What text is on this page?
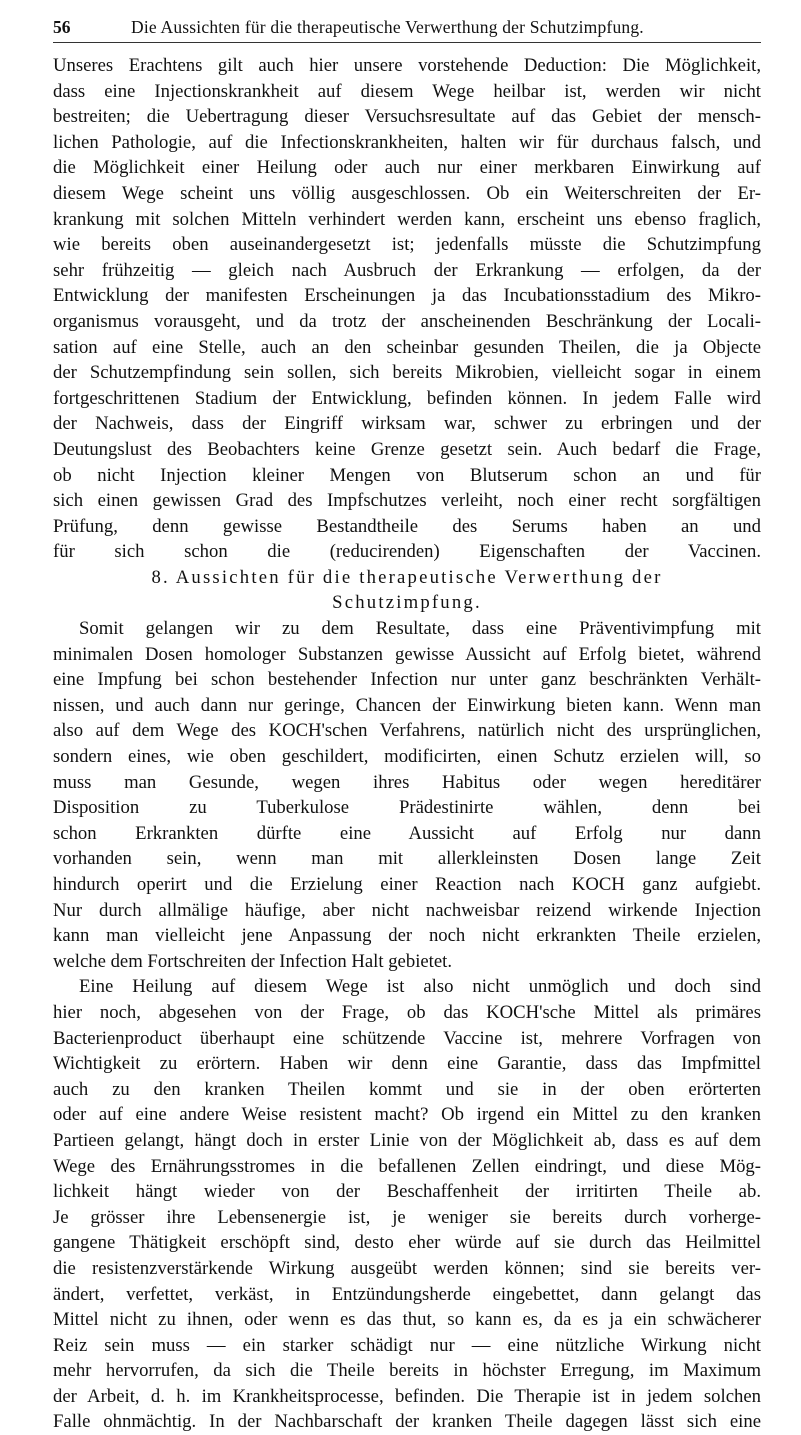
56	Die Aussichten für die therapeutische Verwerthung der Schutzimpfung.
Unseres Erachtens gilt auch hier unsere vorstehende Deduction: Die Möglichkeit,
dass eine Injectionskrankheit auf diesem Wege heilbar ist, werden wir nicht
bestreiten; die Uebertragung dieser Versuchsresultate auf das Gebiet der mensch-
lichen Pathologie, auf die Infectionskrankheiten, halten wir für durchaus falsch, und
die Möglichkeit einer Heilung oder auch nur einer merkbaren Einwirkung auf
diesem Wege scheint uns völlig ausgeschlossen. Ob ein Weiterschreiten der Er-
krankung mit solchen Mitteln verhindert werden kann, erscheint uns ebenso fraglich,
wie bereits oben auseinandergesetzt ist; jedenfalls müsste die Schutzimpfung
sehr frühzeitig — gleich nach Ausbruch der Erkrankung — erfolgen, da der
Entwicklung der manifesten Erscheinungen ja das Incubationsstadium des Mikro-
organismus vorausgeht, und da trotz der anscheinenden Beschränkung der Locali-
sation auf eine Stelle, auch an den scheinbar gesunden Theilen, die ja Objecte
der Schutzempfindung sein sollen, sich bereits Mikrobien, vielleicht sogar in einem
fortgeschrittenen Stadium der Entwicklung, befinden können. In jedem Falle wird
der Nachweis, dass der Eingriff wirksam war, schwer zu erbringen und der
Deutungslust des Beobachters keine Grenze gesetzt sein. Auch bedarf die Frage,
ob nicht Injection kleiner Mengen von Blutserum schon an und für
sich einen gewissen Grad des Impfschutzes verleiht, noch einer recht sorgfältigen
Prüfung, denn gewisse Bestandtheile des Serums haben an und
für sich schon die (reducirenden) Eigenschaften der Vaccinen.
8. Aussichten für die therapeutische Verwerthung der
Schutzimpfung.
Somit gelangen wir zu dem Resultate, dass eine Präventivimpfung mit
minimalen Dosen homologer Substanzen gewisse Aussicht auf Erfolg bietet, während
eine Impfung bei schon bestehender Infection nur unter ganz beschränkten Verhält-
nissen, und auch dann nur geringe, Chancen der Einwirkung bieten kann. Wenn man
also auf dem Wege des KOCH'schen Verfahrens, natürlich nicht des ursprünglichen,
sondern eines, wie oben geschildert, modificirten, einen Schutz erzielen will, so
muss man Gesunde, wegen ihres Habitus oder wegen hereditärer
Disposition zu Tuberkulose Prädestinirte wählen, denn bei
schon Erkrankten dürfte eine Aussicht auf Erfolg nur dann
vorhanden sein, wenn man mit allerkleinsten Dosen lange Zeit
hindurch operirt und die Erzielung einer Reaction nach KOCH ganz aufgiebt.
Nur durch allmälige häufige, aber nicht nachweisbar reizend wirkende Injection
kann man vielleicht jene Anpassung der noch nicht erkrankten Theile erzielen,
welche dem Fortschreiten der Infection Halt gebietet.
Eine Heilung auf diesem Wege ist also nicht unmöglich und doch sind
hier noch, abgesehen von der Frage, ob das KOCH'sche Mittel als primäres
Bacterienproduct überhaupt eine schützende Vaccine ist, mehrere Vorfragen von
Wichtigkeit zu erörtern. Haben wir denn eine Garantie, dass das Impfmittel
auch zu den kranken Theilen kommt und sie in der oben erörterten
oder auf eine andere Weise resistent macht? Ob irgend ein Mittel zu den kranken
Partieen gelangt, hängt doch in erster Linie von der Möglichkeit ab, dass es auf dem
Wege des Ernährungsstromes in die befallenen Zellen eindringt, und diese Mög-
lichkeit hängt wieder von der Beschaffenheit der irritirten Theile ab.
Je grösser ihre Lebensenergie ist, je weniger sie bereits durch vorherge-
gangene Thätigkeit erschöpft sind, desto eher würde auf sie durch das Heilmittel
die resistenzverstärkende Wirkung ausgeübt werden können; sind sie bereits ver-
ändert, verfettet, verkäst, in Entzündungsherde eingebettet, dann gelangt das
Mittel nicht zu ihnen, oder wenn es das thut, so kann es, da es ja ein schwächerer
Reiz sein muss — ein starker schädigt nur — eine nützliche Wirkung nicht
mehr hervorrufen, da sich die Theile bereits in höchster Erregung, im Maximum
der Arbeit, d. h. im Krankheitsprocesse, befinden. Die Therapie ist in jedem solchen
Falle ohnmächtig. In der Nachbarschaft der kranken Theile dagegen lässt sich eine
